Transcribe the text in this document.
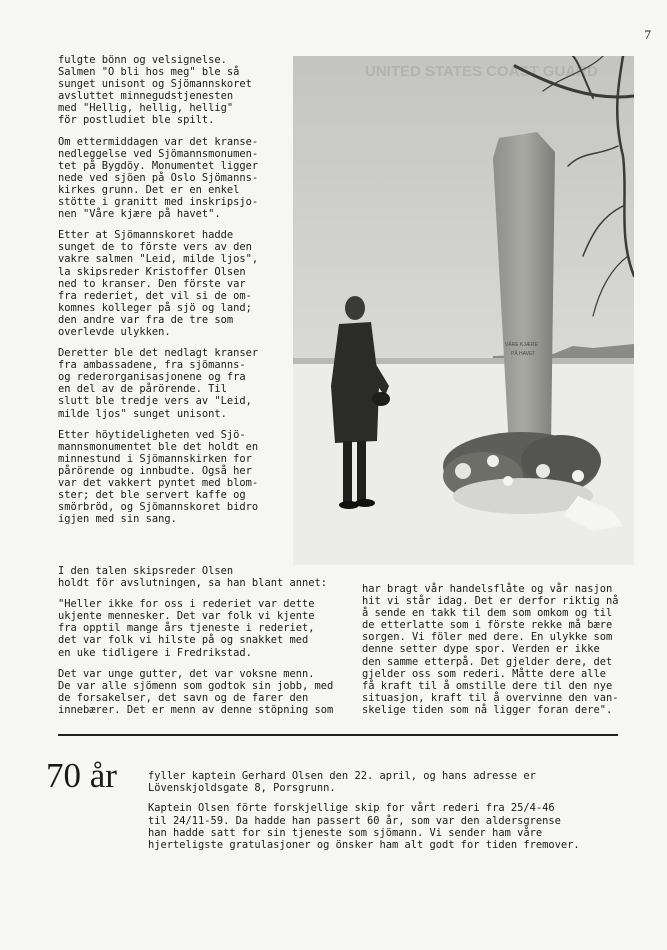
7

fulgte bönn og velsignelse.
Salmen "O bli hos meg" ble så
sunget unisont og Sjömannskoret
avsluttet minnegudstjenesten
med "Hellig, hellig, hellig"
för postludiet ble spilt.

Om ettermiddagen var det kranse-
nedleggelse ved Sjömannsmonumen-
tet på Bygdöy. Monumentet ligger
nede ved sjöen på Oslo Sjömanns-
kirkes grunn. Det er en enkel
stötte i granitt med inskripsjo-
nen "Våre kjære på havet".

Etter at Sjömannskoret hadde
sunget de to förste vers av den
vakre salmen "Leid, milde ljos",
la skipsreder Kristoffer Olsen
ned to kranser. Den förste var
fra rederiet, det vil si de om-
komnes kolleger på sjö og land;
den andre var fra de tre som
overlevde ulykken.

Deretter ble det nedlagt kranser
fra ambassadene, fra sjömanns-
og rederorganisasjonene og fra
en del av de pårörende. Til
slutt ble tredje vers av "Leid,
milde ljos" sunget unisont.

Etter höytideligheten ved Sjö-
mannsmonumentet ble det holdt en
minnestund i Sjömannskirken for
pårörende og innbudte. Også her
var det vakkert pyntet med blom-
ster; det ble servert kaffe og
smörbröd, og Sjömannskoret bidro
igjen med sin sang.

UNITED STATES COAST GUARD
VÅRE KJÆRE PÅ HAVET

I den talen skipsreder Olsen
holdt för avslutningen, sa han blant annet:

"Heller ikke for oss i rederiet var dette
ukjente mennesker. Det var folk vi kjente
fra opptil mange års tjeneste i rederiet,
det var folk vi hilste på og snakket med
en uke tidligere i Fredrikstad.

Det var unge gutter, det var voksne menn.
De var alle sjömenn som godtok sin jobb, med
de forsakelser, det savn og de farer den
innebærer. Det er menn av denne stöpning som

har bragt vår handelsflåte og vår nasjon
hit vi står idag. Det er derfor riktig nå
å sende en takk til dem som omkom og til
de etterlatte som i förste rekke må bære
sorgen. Vi föler med dere. En ulykke som
denne setter dype spor. Verden er ikke
den samme etterpå. Det gjelder dere, det
gjelder oss som rederi. Måtte dere alle
få kraft til å omstille dere til den nye
situasjon, kraft til å overvinne den van-
skelige tiden som nå ligger foran dere".

70 år	fyller kaptein Gerhard Olsen den 22. april, og hans adresse er
Lövenskjoldsgate 8, Porsgrunn.

Kaptein Olsen förte forskjellige skip for vårt rederi fra 25/4-46
til 24/11-59. Da hadde han passert 60 år, som var den aldersgrense
han hadde satt for sin tjeneste som sjömann. Vi sender ham våre
hjerteligste gratulasjoner og önsker ham alt godt for tiden fremover.
